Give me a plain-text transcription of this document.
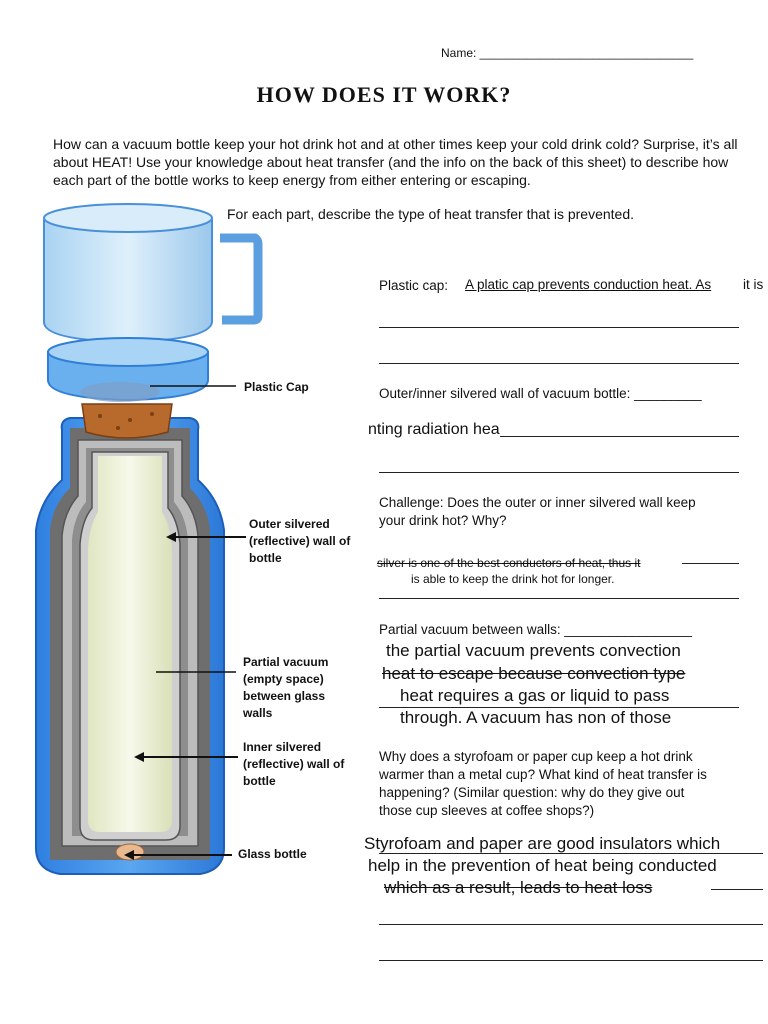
Name: ________________________________
HOW DOES IT WORK?
How can a vacuum bottle keep your hot drink hot and at other times keep your cold drink cold? Surprise, it’s all about HEAT! Use your knowledge about heat transfer (and the info on the back of this sheet) to describe how each part of the bottle works to keep energy from either entering or escaping.
For each part, describe the type of heat transfer that is prevented.
Plastic Cap
Outer silvered (reflective) wall of bottle
Partial vacuum (empty space) between glass walls
Inner silvered (reflective) wall of bottle
Glass bottle
Plastic cap: A platic cap prevents conduction heat. As it is
Outer/inner silvered wall of vacuum bottle: _________
nting radiation hea
Challenge: Does the outer or inner silvered wall keep
your drink hot? Why?
silver is one of the best conductors of heat, thus it
is able to keep the drink hot for longer.
Partial vacuum between walls: _________________
the partial vacuum prevents convection
heat to escape because convection type
heat requires a gas or liquid to pass
through. A vacuum has non of those
Why does a styrofoam or paper cup keep a hot drink
warmer than a metal cup? What kind of heat transfer is
happening? (Similar question: why do they give out
those cup sleeves at coffee shops?)
Styrofoam and paper are good insulators which
help in the prevention of heat being conducted
which as a result, leads to heat loss
